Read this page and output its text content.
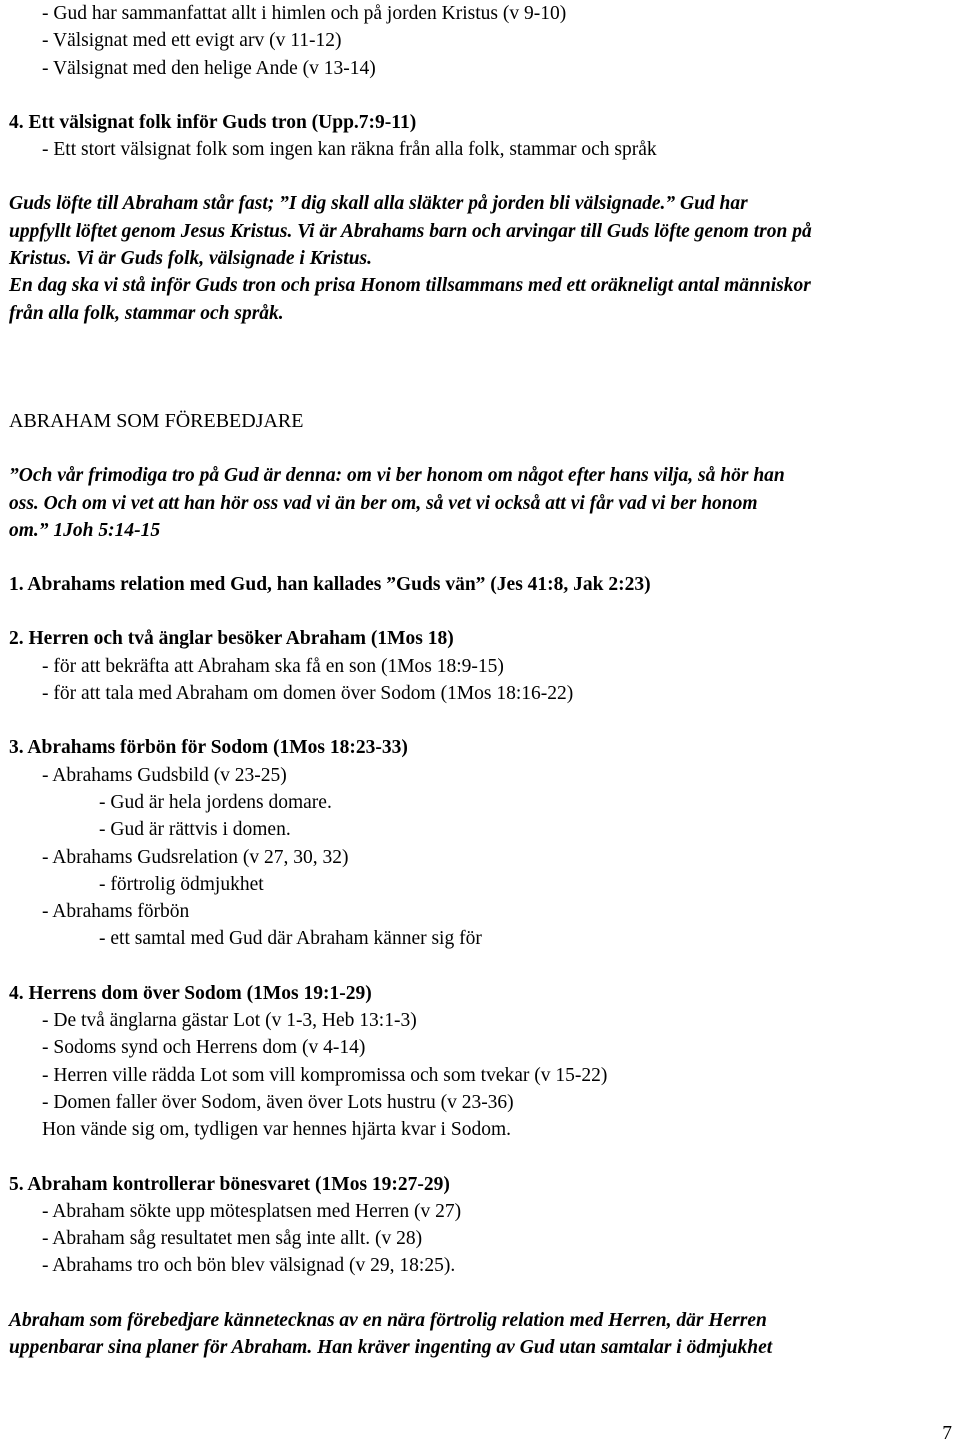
- Gud har sammanfattat allt i himlen och på jorden Kristus (v 9-10)
- Välsignat med ett evigt arv (v 11-12)
- Välsignat med den helige Ande (v 13-14)
4. Ett välsignat folk inför Guds tron (Upp.7:9-11)
- Ett stort välsignat folk som ingen kan räkna från alla folk, stammar och språk
Guds löfte till Abraham står fast; ”I dig skall alla släkter på jorden bli välsignade.” Gud har
uppfyllt löftet genom Jesus Kristus. Vi är Abrahams barn och arvingar till Guds löfte genom tron på
Kristus. Vi är Guds folk, välsignade i Kristus.
En dag ska vi stå inför Guds tron och prisa Honom tillsammans med ett oräkneligt antal människor
från alla folk, stammar och språk.
ABRAHAM SOM FÖREBEDJARE
”Och vår frimodiga tro på Gud är denna: om vi ber honom om något efter hans vilja, så hör han
oss. Och om vi vet att han hör oss vad vi än ber om, så vet vi också att vi får vad vi ber honom
om.” 1Joh 5:14-15
1. Abrahams relation med Gud, han kallades ”Guds vän” (Jes 41:8, Jak 2:23)
2. Herren och två änglar besöker Abraham (1Mos 18)
- för att bekräfta att Abraham ska få en son (1Mos 18:9-15)
- för att tala med Abraham om domen över Sodom (1Mos 18:16-22)
3. Abrahams förbön för Sodom (1Mos 18:23-33)
- Abrahams Gudsbild (v 23-25)
- Gud är hela jordens domare.
- Gud är rättvis i domen.
- Abrahams Gudsrelation (v 27, 30, 32)
- förtrolig ödmjukhet
- Abrahams förbön
- ett samtal med Gud där Abraham känner sig för
4. Herrens dom över Sodom (1Mos 19:1-29)
- De två änglarna gästar Lot (v 1-3, Heb 13:1-3)
- Sodoms synd och Herrens dom (v 4-14)
- Herren ville rädda Lot som vill kompromissa och som tvekar (v 15-22)
- Domen faller över Sodom, även över Lots hustru (v 23-36)
Hon vände sig om, tydligen var hennes hjärta kvar i Sodom.
5. Abraham kontrollerar bönesvaret (1Mos 19:27-29)
- Abraham sökte upp mötesplatsen med Herren (v 27)
- Abraham såg resultatet men såg inte allt. (v 28)
- Abrahams tro och bön blev välsignad (v 29, 18:25).
Abraham som förebedjare kännetecknas av en nära förtrolig relation med Herren, där Herren
uppenbarar sina planer för Abraham. Han kräver ingenting av Gud utan samtalar i ödmjukhet
7
